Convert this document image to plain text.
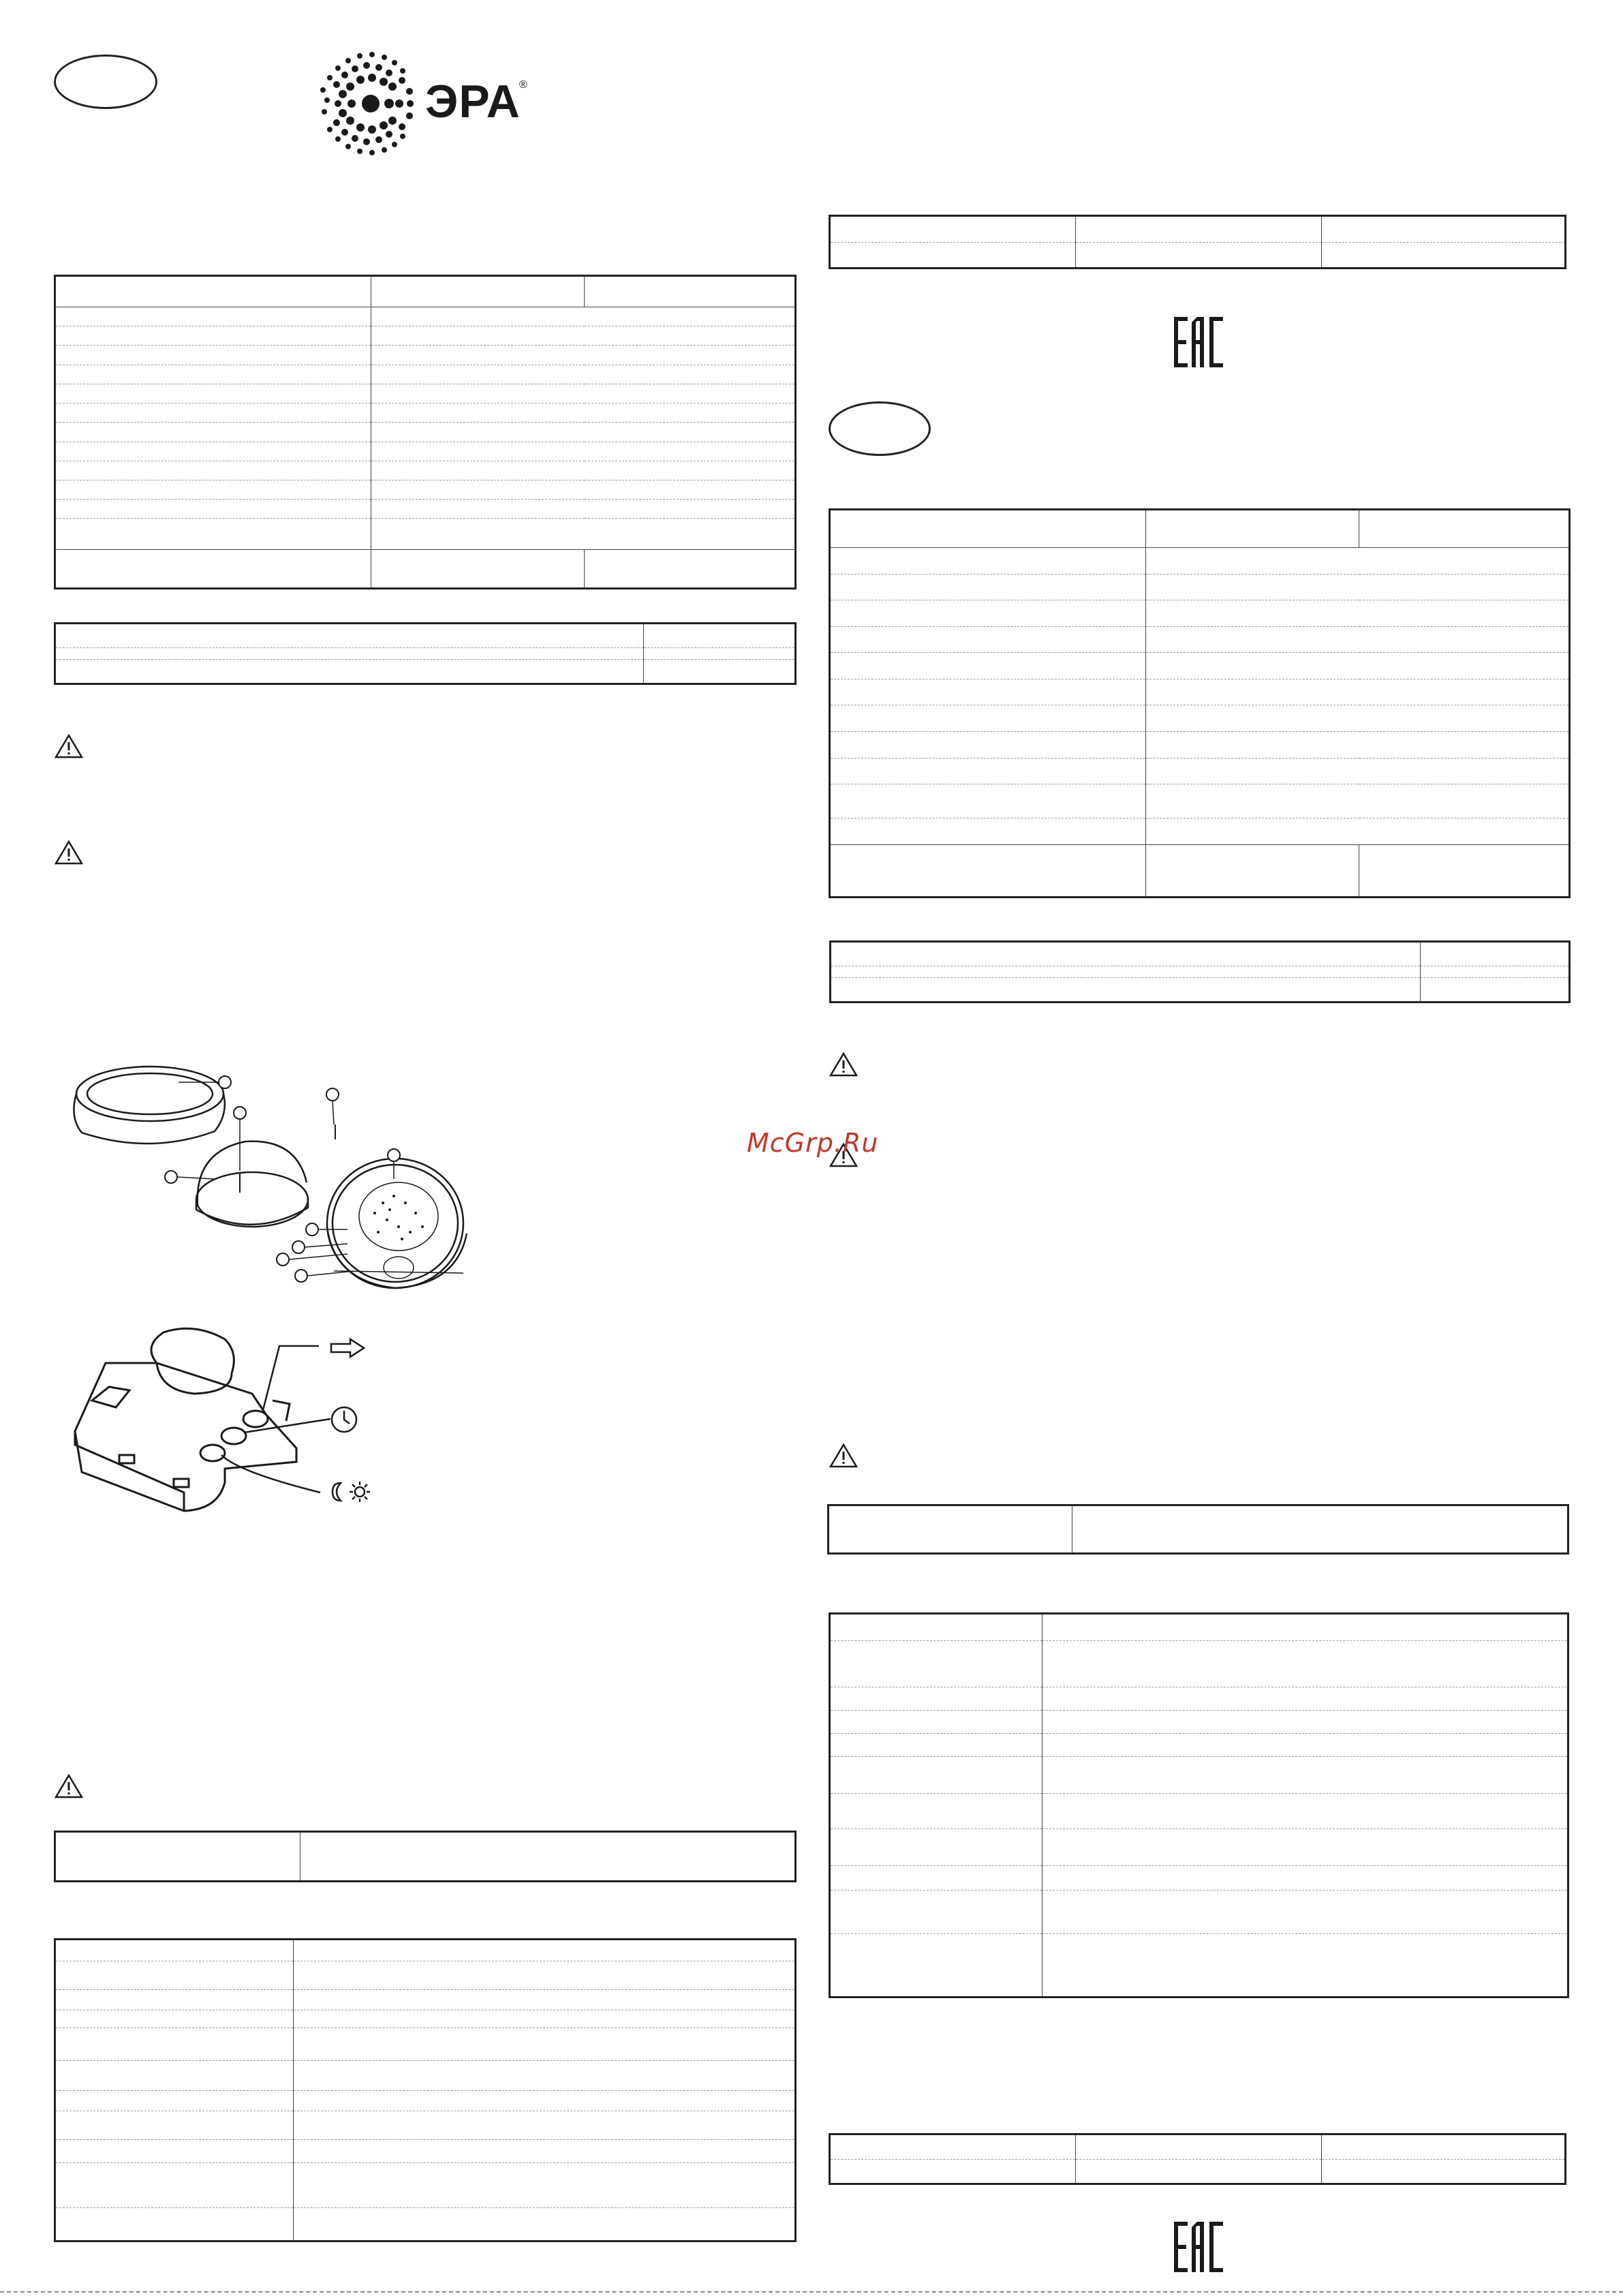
ЭРА
®

McGrp.Ru
